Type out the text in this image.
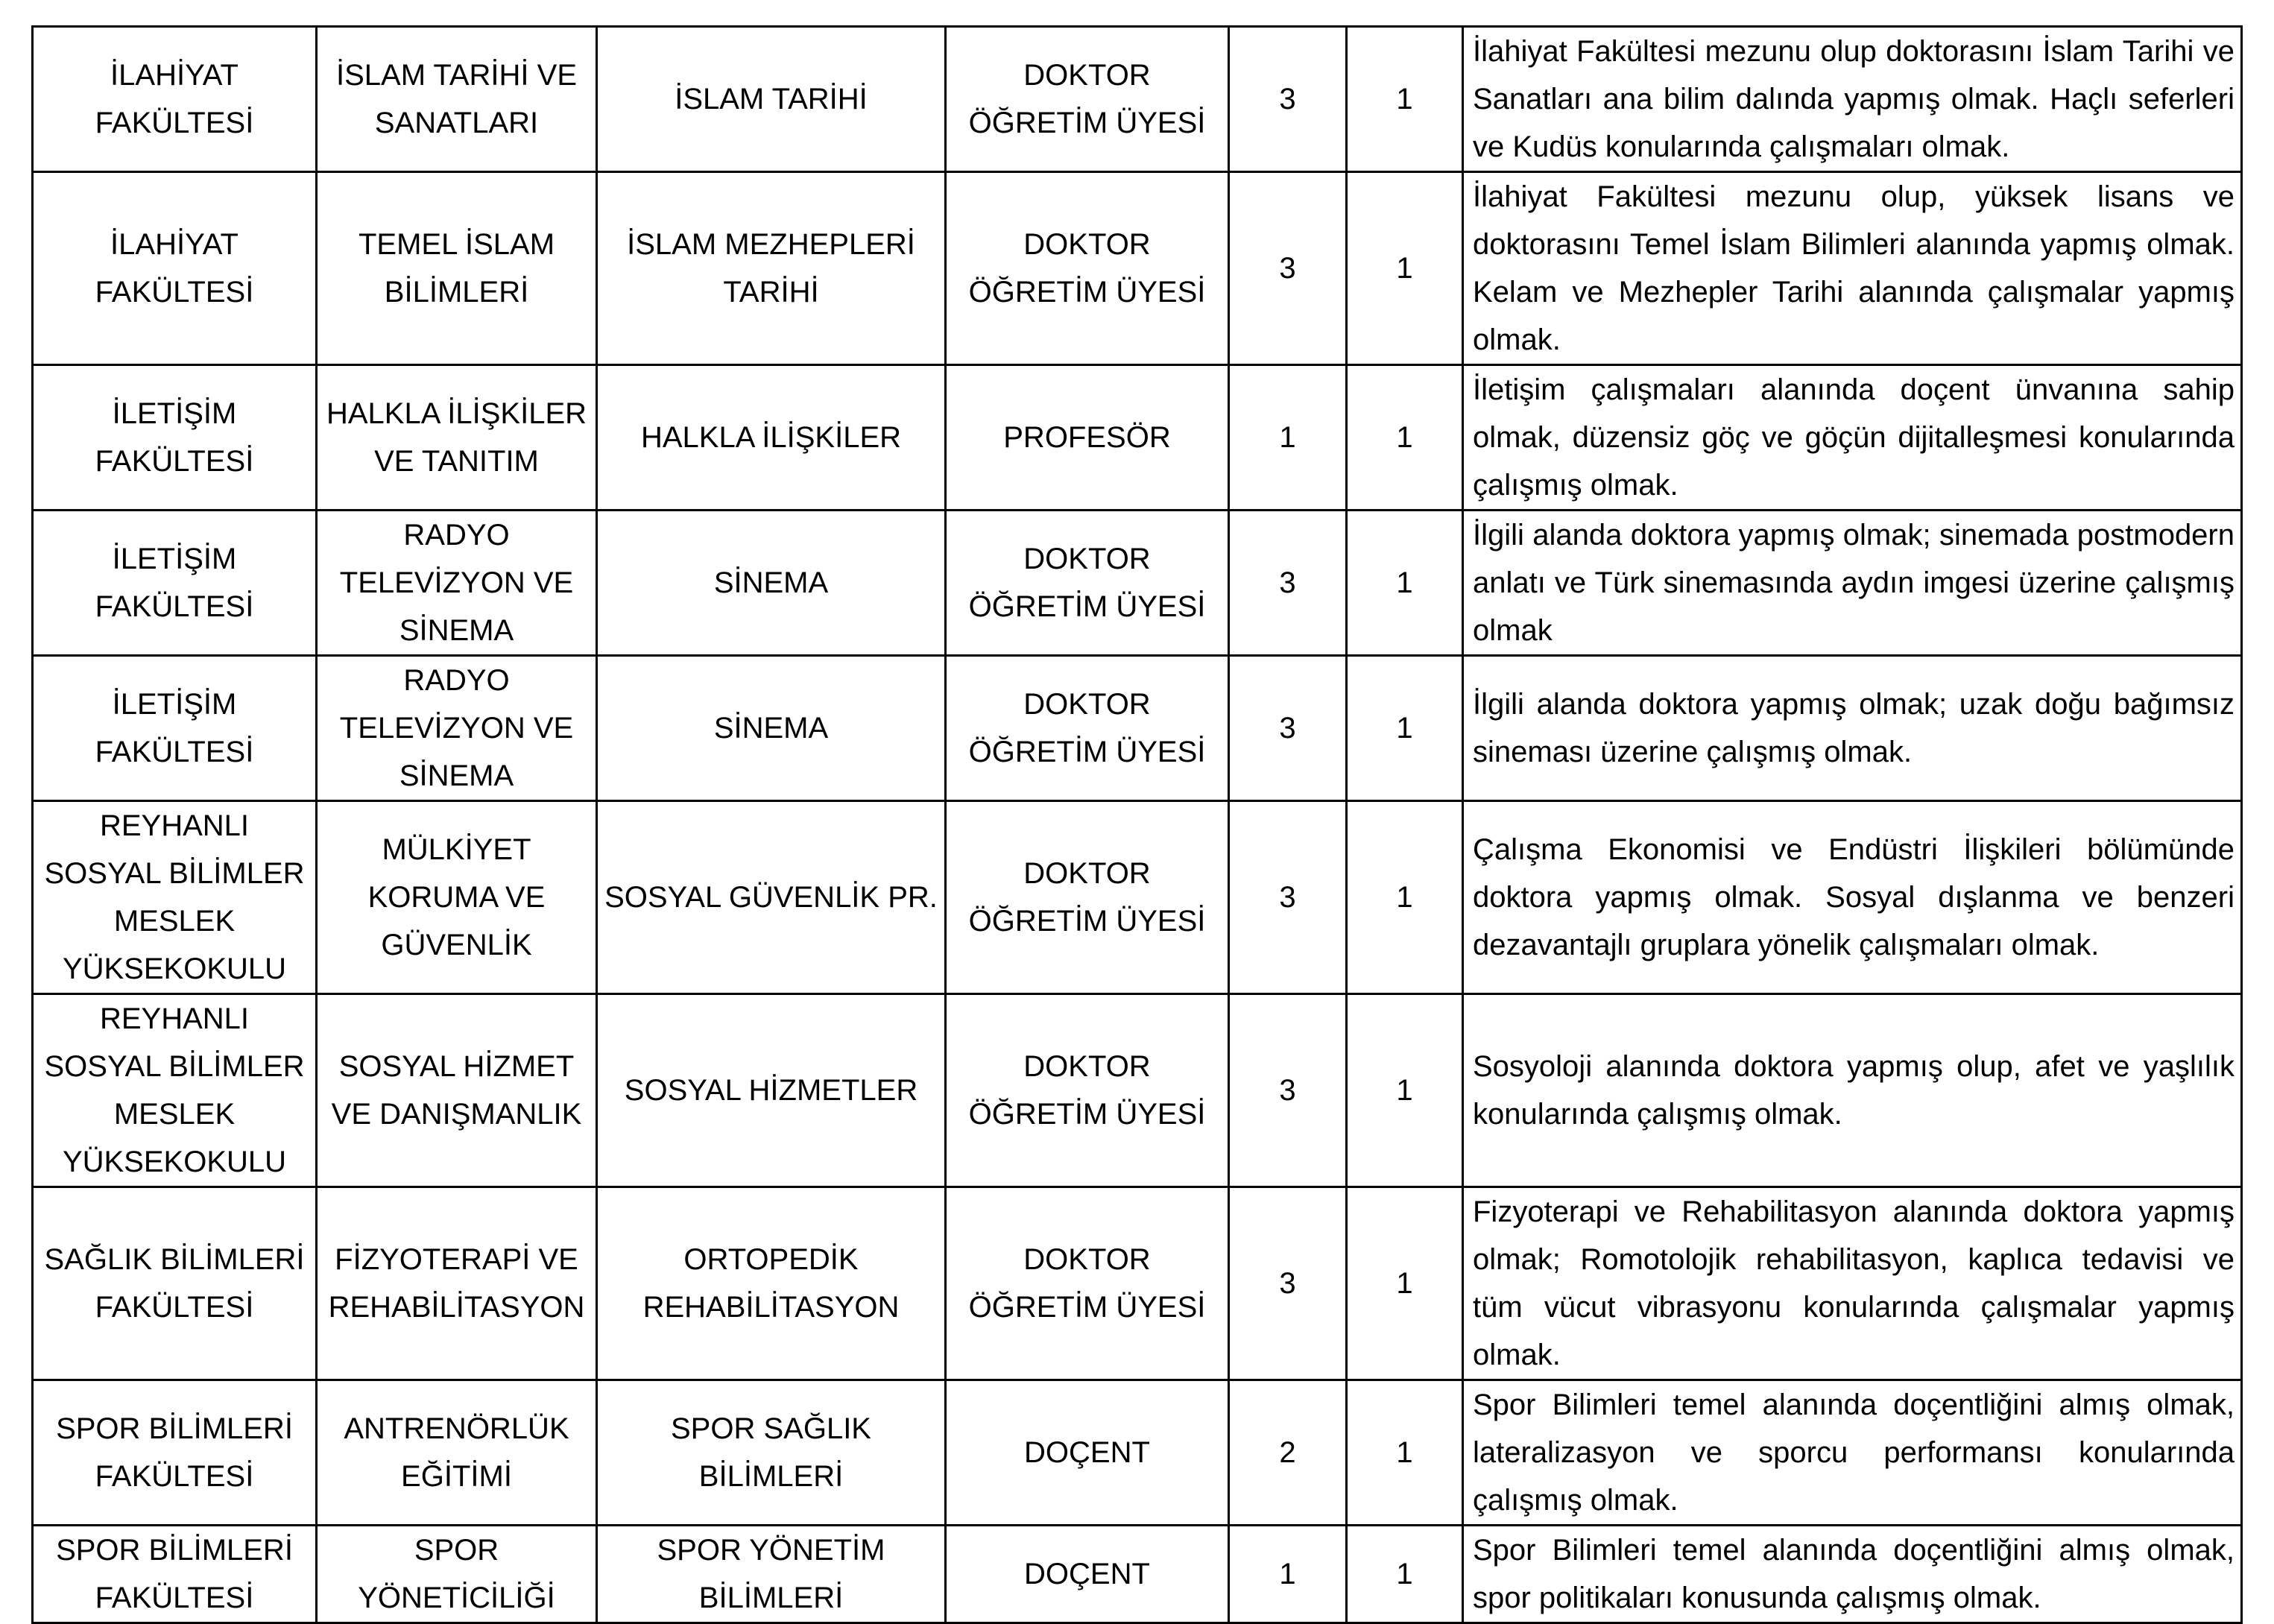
İLAHİYAT FAKÜLTESİ	İSLAM TARİHİ VE SANATLARI	İSLAM TARİHİ	DOKTOR ÖĞRETİM ÜYESİ	3	1	İlahiyat Fakültesi mezunu olup doktorasını İslam Tarihi ve Sanatları ana bilim dalında yapmış olmak. Haçlı seferleri ve Kudüs konularında çalışmaları olmak.
İLAHİYAT FAKÜLTESİ	TEMEL İSLAM BİLİMLERİ	İSLAM MEZHEPLERİ TARİHİ	DOKTOR ÖĞRETİM ÜYESİ	3	1	İlahiyat Fakültesi mezunu olup, yüksek lisans ve doktorasını Temel İslam Bilimleri alanında yapmış olmak. Kelam ve Mezhepler Tarihi alanında çalışmalar yapmış olmak.
İLETİŞİM FAKÜLTESİ	HALKLA İLİŞKİLER VE TANITIM	HALKLA İLİŞKİLER	PROFESÖR	1	1	İletişim çalışmaları alanında doçent ünvanına sahip olmak, düzensiz göç ve göçün dijitalleşmesi konularında çalışmış olmak.
İLETİŞİM FAKÜLTESİ	RADYO TELEVİZYON VE SİNEMA	SİNEMA	DOKTOR ÖĞRETİM ÜYESİ	3	1	İlgili alanda doktora yapmış olmak; sinemada postmodern anlatı ve Türk sinemasında aydın imgesi üzerine çalışmış olmak
İLETİŞİM FAKÜLTESİ	RADYO TELEVİZYON VE SİNEMA	SİNEMA	DOKTOR ÖĞRETİM ÜYESİ	3	1	İlgili alanda doktora yapmış olmak; uzak doğu bağımsız sineması üzerine çalışmış olmak.
REYHANLI SOSYAL BİLİMLER MESLEK YÜKSEKOKULU	MÜLKİYET KORUMA VE GÜVENLİK	SOSYAL GÜVENLİK PR.	DOKTOR ÖĞRETİM ÜYESİ	3	1	Çalışma Ekonomisi ve Endüstri İlişkileri bölümünde doktora yapmış olmak. Sosyal dışlanma ve benzeri dezavantajlı gruplara yönelik çalışmaları olmak.
REYHANLI SOSYAL BİLİMLER MESLEK YÜKSEKOKULU	SOSYAL HİZMET VE DANIŞMANLIK	SOSYAL HİZMETLER	DOKTOR ÖĞRETİM ÜYESİ	3	1	Sosyoloji alanında doktora yapmış olup, afet ve yaşlılık konularında çalışmış olmak.
SAĞLIK BİLİMLERİ FAKÜLTESİ	FİZYOTERAPİ VE REHABİLİTASYON	ORTOPEDİK REHABİLİTASYON	DOKTOR ÖĞRETİM ÜYESİ	3	1	Fizyoterapi ve Rehabilitasyon alanında doktora yapmış olmak; Romotolojik rehabilitasyon, kaplıca tedavisi ve tüm vücut vibrasyonu konularında çalışmalar yapmış olmak.
SPOR BİLİMLERİ FAKÜLTESİ	ANTRENÖRLÜK EĞİTİMİ	SPOR SAĞLIK BİLİMLERİ	DOÇENT	2	1	Spor Bilimleri temel alanında doçentliğini almış olmak, lateralizasyon ve sporcu performansı konularında çalışmış olmak.
SPOR BİLİMLERİ FAKÜLTESİ	SPOR YÖNETİCİLİĞİ	SPOR YÖNETİM BİLİMLERİ	DOÇENT	1	1	Spor Bilimleri temel alanında doçentliğini almış olmak, spor politikaları konusunda çalışmış olmak.
